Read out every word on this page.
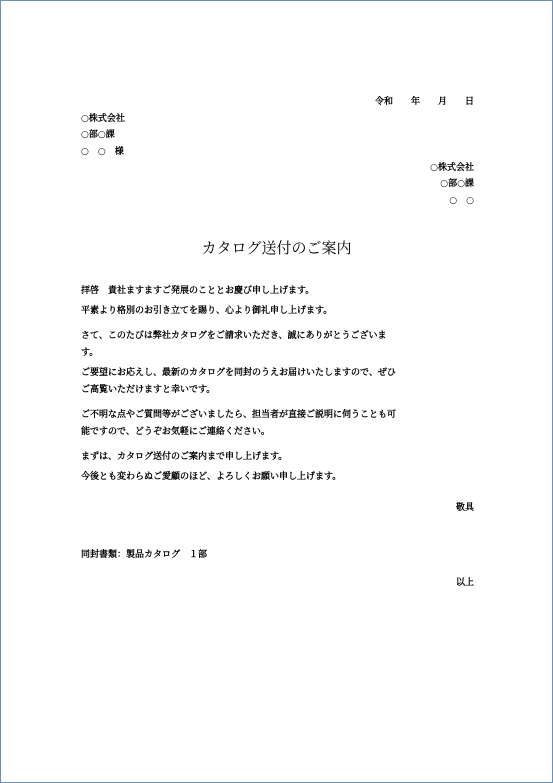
令和　　年　　月　　日
○株式会社
○部○課
○　○　様
○株式会社
○部○課
○　○
カタログ送付のご案内

拝啓　貴社ますますご発展のこととお慶び申し上げます。

平素より格別のお引き立てを賜り、心より御礼申し上げます。

さて、このたびは弊社カタログをご請求いただき、誠にありがとうございま

す。

ご要望にお応えし、最新のカタログを同封のうえお届けいたしますので、ぜひ

ご高覧いただけますと幸いです。

ご不明な点やご質問等がございましたら、担当者が直接ご説明に伺うことも可

能ですので、どうぞお気軽にご連絡ください。

まずは、カタログ送付のご案内まで申し上げます。

今後とも変わらぬご愛顧のほど、よろしくお願い申し上げます。

敬具
同封書類：製品カタログ　１部
以上
